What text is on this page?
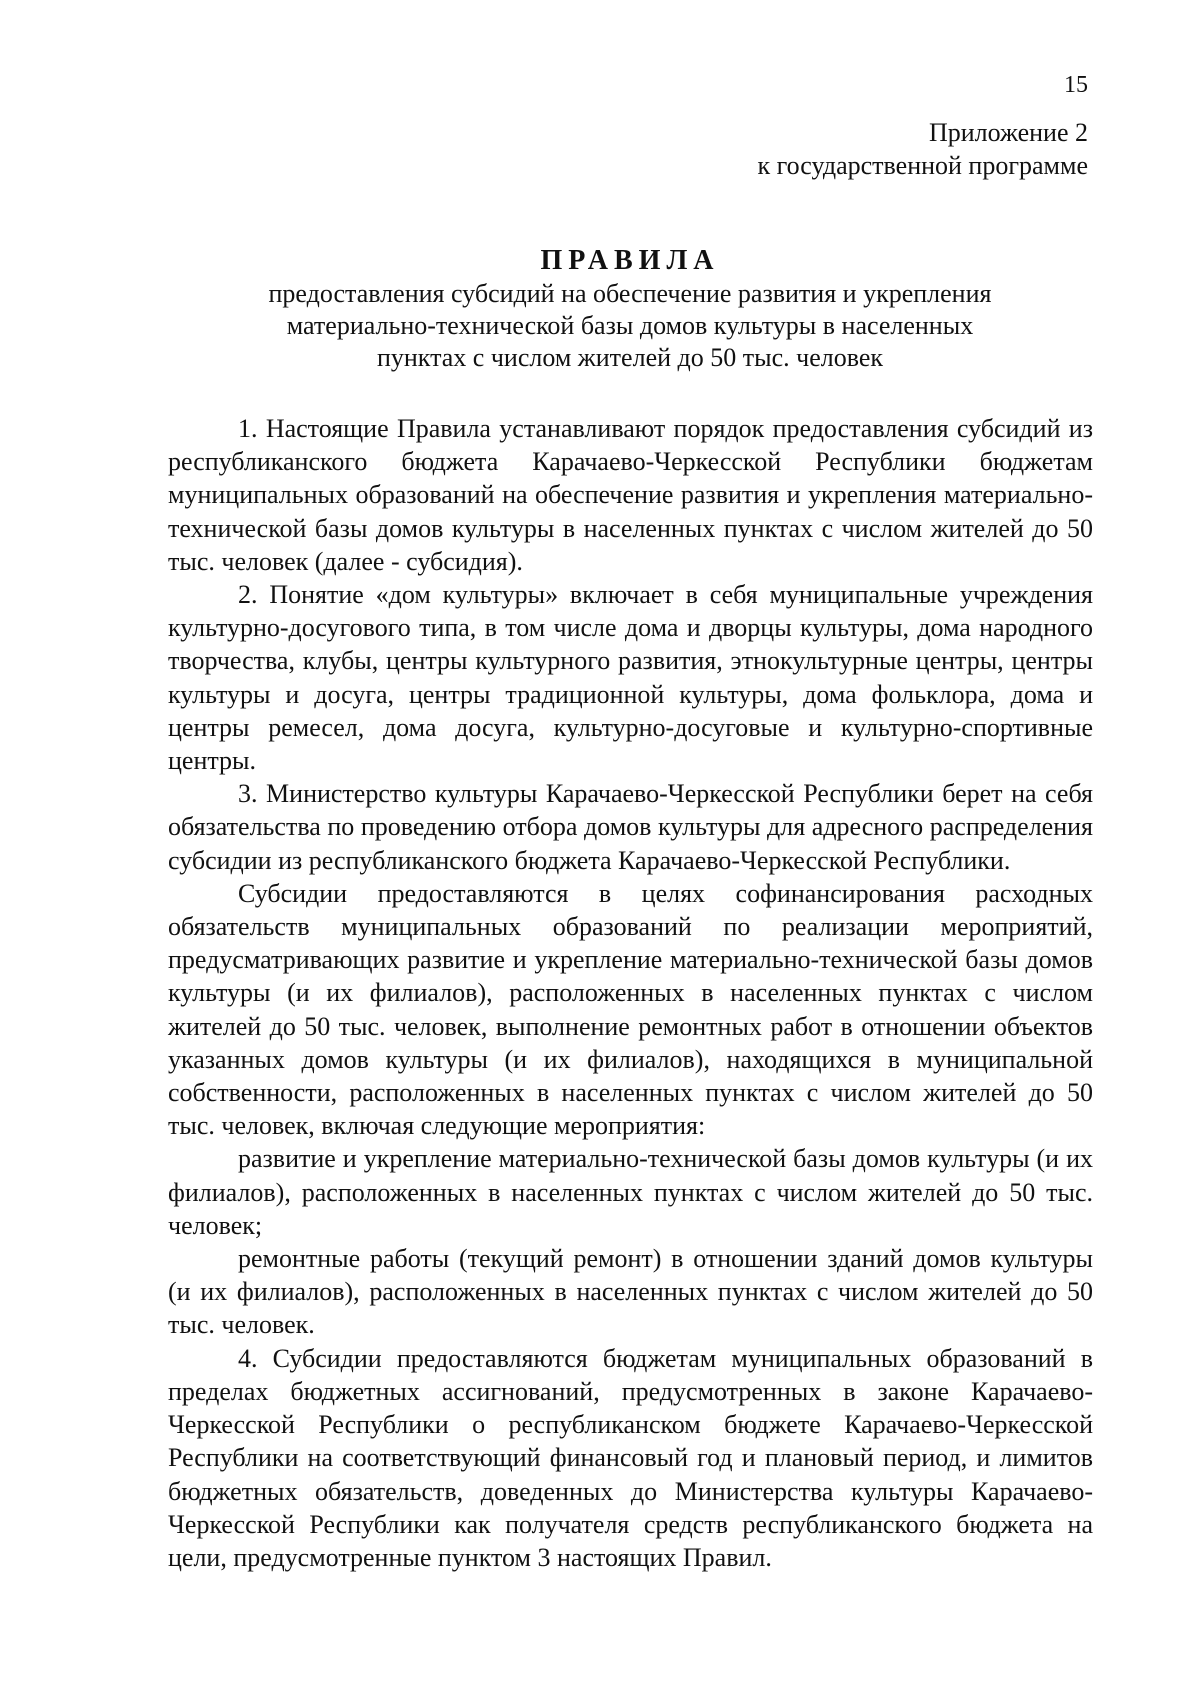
15
Приложение 2
к государственной программе
ПРАВИЛА
предоставления субсидий на обеспечение развития и укрепления
материально-технической базы домов культуры в населенных
пунктах с числом жителей до 50 тыс. человек

1. Настоящие Правила устанавливают порядок предоставления субсидий из республиканского бюджета Карачаево-Черкесской Республики бюджетам муниципальных образований на обеспечение развития и укрепления материально-технической базы домов культуры в населенных пунктах с числом жителей до 50 тыс. человек (далее - субсидия).

2. Понятие «дом культуры» включает в себя муниципальные учреждения культурно-досугового типа, в том числе дома и дворцы культуры, дома народного творчества, клубы, центры культурного развития, этнокультурные центры, центры культуры и досуга, центры традиционной культуры, дома фольклора, дома и центры ремесел, дома досуга, культурно-досуговые и культурно-спортивные центры.

3. Министерство культуры Карачаево-Черкесской Республики берет на себя обязательства по проведению отбора домов культуры для адресного распределения субсидии из республиканского бюджета Карачаево-Черкесской Республики.

Субсидии предоставляются в целях софинансирования расходных обязательств муниципальных образований по реализации мероприятий, предусматривающих развитие и укрепление материально-технической базы домов культуры (и их филиалов), расположенных в населенных пунктах с числом жителей до 50 тыс. человек, выполнение ремонтных работ в отношении объектов указанных домов культуры (и их филиалов), находящихся в муниципальной собственности, расположенных в населенных пунктах с числом жителей до 50 тыс. человек, включая следующие мероприятия:

развитие и укрепление материально-технической базы домов культуры (и их филиалов), расположенных в населенных пунктах с числом жителей до 50 тыс. человек;

ремонтные работы (текущий ремонт) в отношении зданий домов культуры (и их филиалов), расположенных в населенных пунктах с числом жителей до 50 тыс. человек.

4. Субсидии предоставляются бюджетам муниципальных образований в пределах бюджетных ассигнований, предусмотренных в законе Карачаево-Черкесской Республики о республиканском бюджете Карачаево-Черкесской Республики на соответствующий финансовый год и плановый период, и лимитов бюджетных обязательств, доведенных до Министерства культуры Карачаево-Черкесской Республики как получателя средств республиканского бюджета на цели, предусмотренные пунктом 3 настоящих Правил.
